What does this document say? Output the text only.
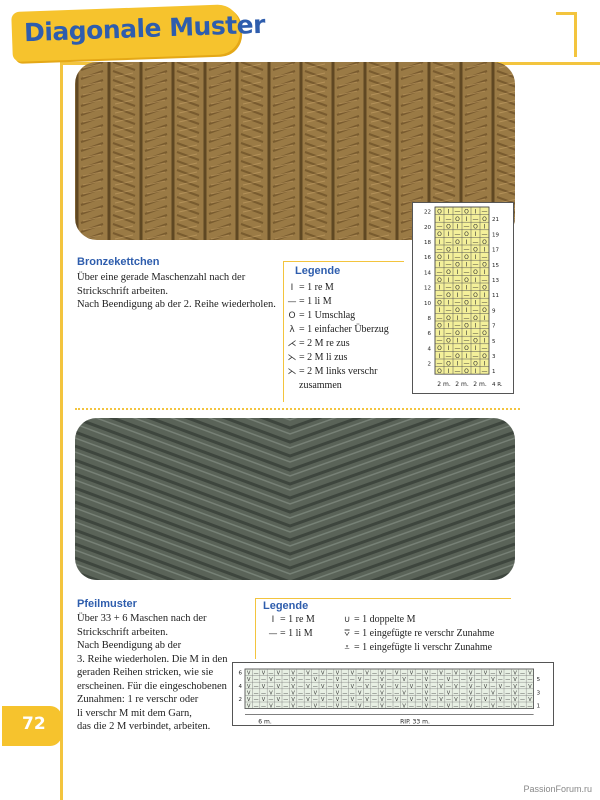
Diagonale Muster
Bronzekettchen
Über eine gerade Maschenzahl nach der
Strickschrift arbeiten.
Nach Beendigung ab der 2. Reihe wiederholen.
Legende
I = 1 re M
— = 1 li M
O = 1 Umschlag
λ = 1 einfacher Überzug
⋌ = 2 M re zus
⋋ = 2 M li zus
⋋ = 2 M links verschr
zusammen
O I — O I —
22
I — O I — O 21
— O I — O I
20
O I — O I — 19
I — O I — O
18
— O I — O I 17
O I — O I —
16
I — O I — O 15
— O I — O I
14
O I — O I — 13
I — O I — O
12
— O I — O I 11
O I — O I —
10
I — O I — O 9
— O I — O I
8
O I — O I — 7
I — O I — O
6
— O I — O I 5
O I — O I —
4
I — O I — O 3
— O I — O I
2
O I — O I — 1
2 m. 2 m. 2 m. 4 R.
Pfeilmuster
Über 33 + 6 Maschen nach der
Strickschrift arbeiten.
Nach Beendigung ab der
3. Reihe wiederholen. Die M in den
geraden Reihen stricken, wie sie
erscheinen. Für die eingeschobenen
Zunahmen: 1 re verschr oder
li verschr M mit dem Garn,
das die 2 M verbindet, arbeiten.
Legende
I = 1 re M
— = 1 li M
∪ = 1 doppelte M
⩢ = 1 eingefügte re verschr Zunahme
⩡ = 1 eingefügte li verschr Zunahme
V — V — V — V — V — V — V — V — V — V — V — V — V — V — V — V — V — V — V — V
V — — V — — V — — V — — V — — V — — V — — V — — V — — V — — V — — V — — V — —
V — V — V — V — V — V — V — V — V — V — V — V — V — V — V — V — V — V — V — V
V — — V — — V — — V — — V — — V — — V — — V — — V — — V — — V — — V — — V — —
V — V — V — V — V — V — V — V — V — V — V — V — V — V — V — V — V — V — V — V
V — — V — — V — — V — — V — — V — — V — — V — — V — — V — — V — — V — — V — —
6
4
2
5
3
1
6 m.	RIP. 33 m.
72
PassionForum.ru
